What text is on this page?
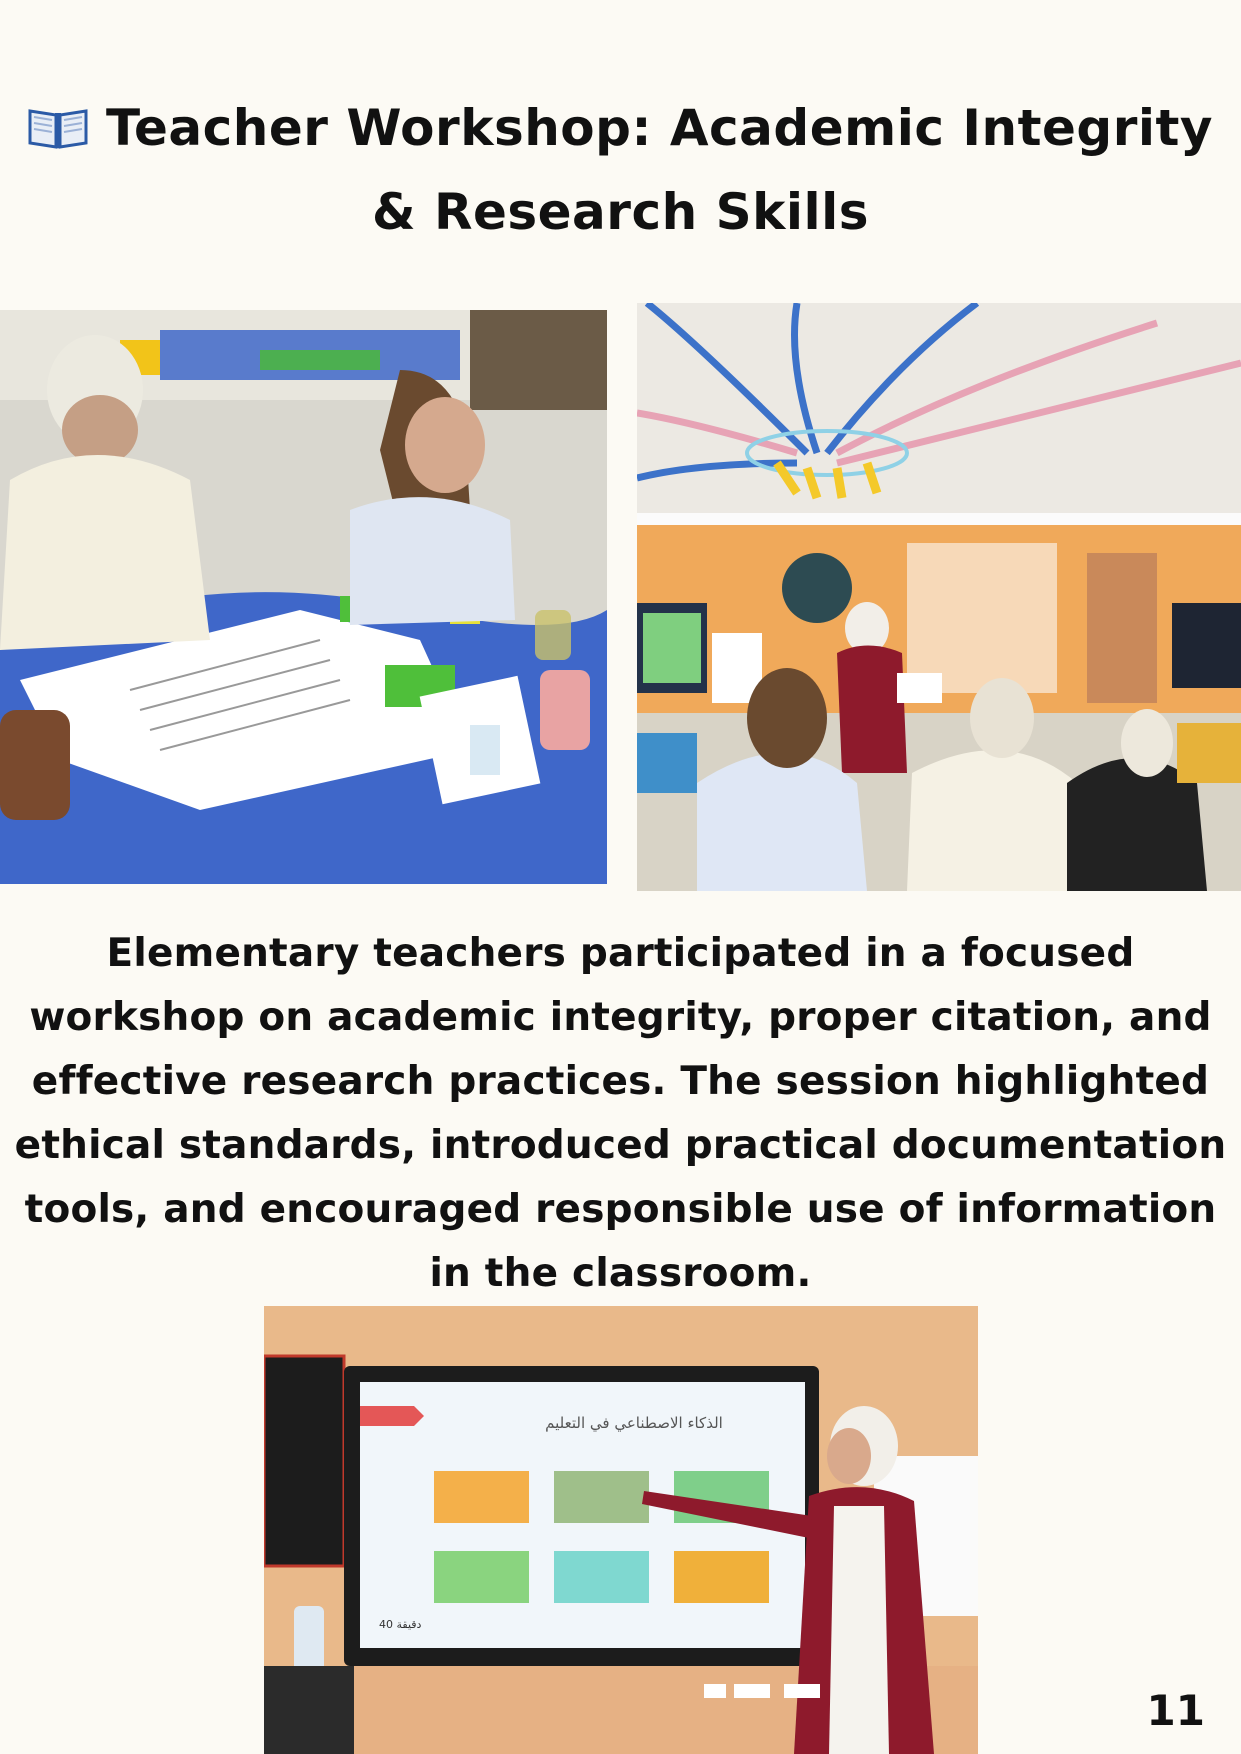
Teacher Workshop: Academic Integrity & Research Skills

Elementary teachers participated in a focused workshop on academic integrity, proper citation, and effective research practices. The session highlighted ethical standards, introduced practical documentation tools, and encouraged responsible use of information in the classroom.

الذكاء الاصطناعي في التعليم
40 دقيقة
11
